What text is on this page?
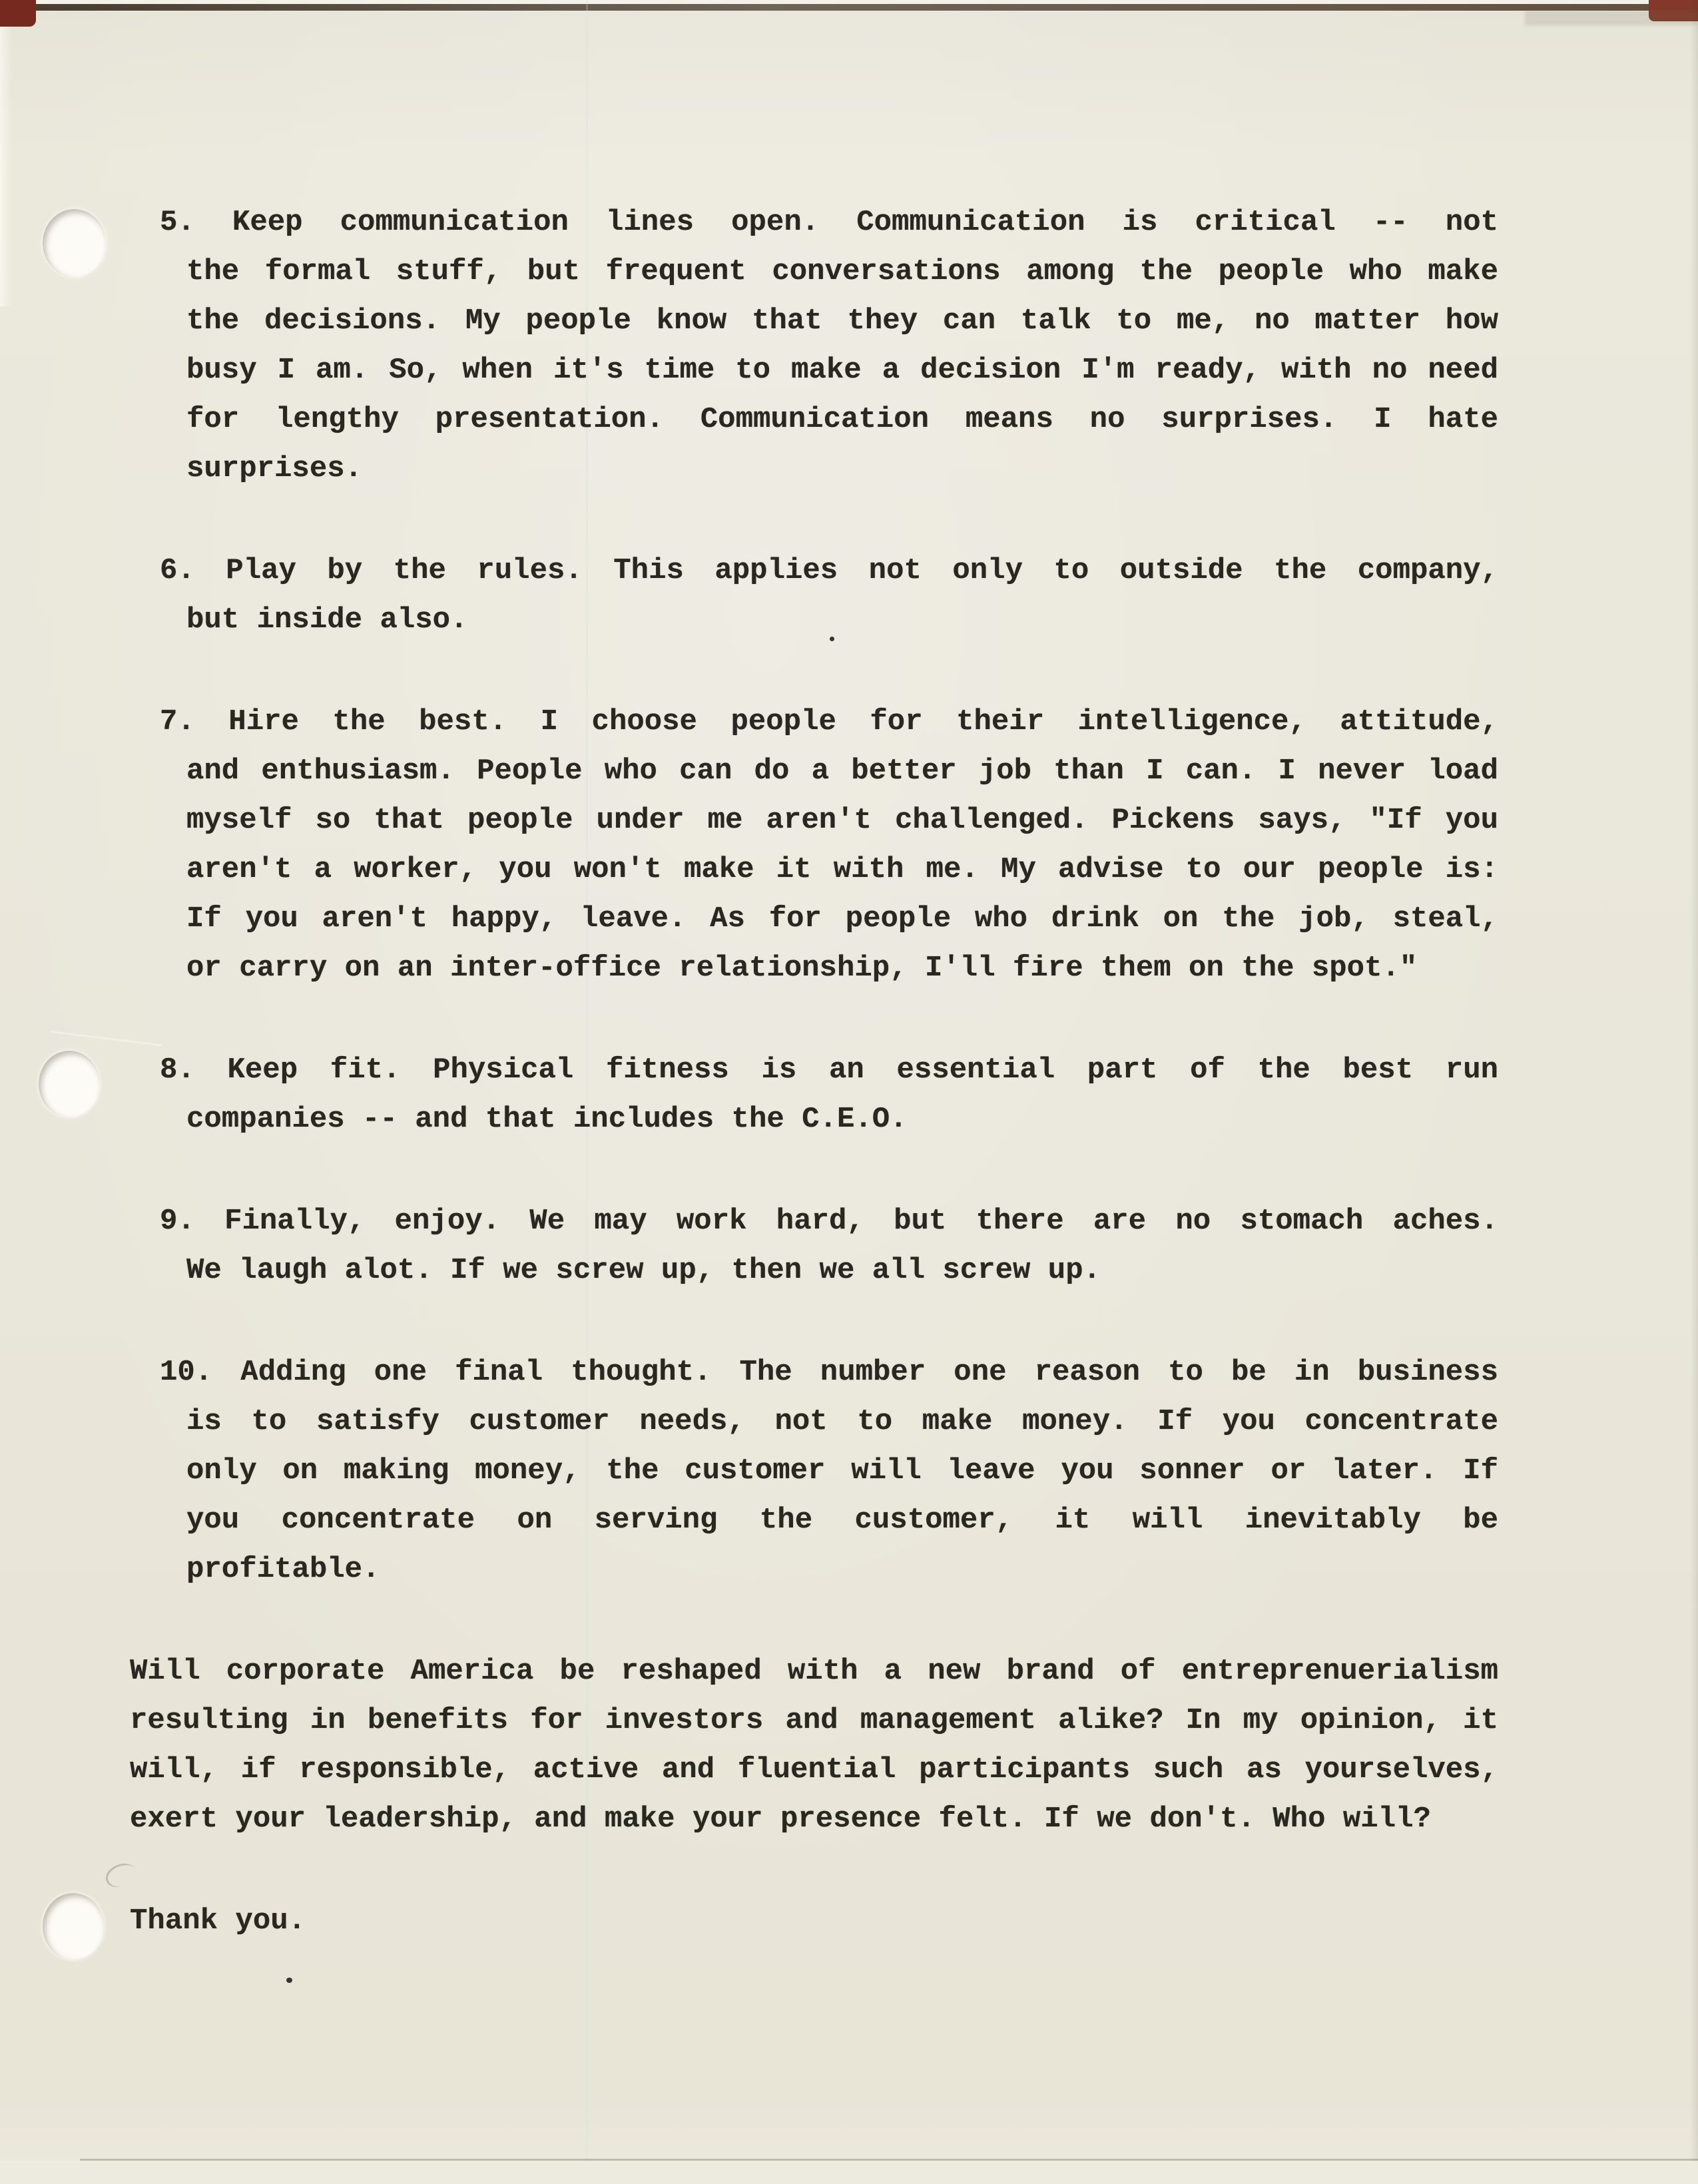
5. Keep communication lines open. Communication is critical -- not
the formal stuff, but frequent conversations among the people who make
the decisions. My people know that they can talk to me, no matter how
busy I am. So, when it's time to make a decision I'm ready, with no need
for lengthy presentation. Communication means no surprises. I hate
surprises.
6. Play by the rules. This applies not only to outside the company,
but inside also.
7. Hire the best. I choose people for their intelligence, attitude,
and enthusiasm. People who can do a better job than I can. I never load
myself so that people under me aren't challenged. Pickens says, "If you
aren't a worker, you won't make it with me. My advise to our people is:
If you aren't happy, leave. As for people who drink on the job, steal,
or carry on an inter-office relationship, I'll fire them on the spot."
8. Keep fit. Physical fitness is an essential part of the best run
companies -- and that includes the C.E.O.
9. Finally, enjoy. We may work hard, but there are no stomach aches.
We laugh alot. If we screw up, then we all screw up.
10. Adding one final thought. The number one reason to be in business
is to satisfy customer needs, not to make money. If you concentrate
only on making money, the customer will leave you sonner or later. If
you concentrate on serving the customer, it will inevitably be
profitable.
Will corporate America be reshaped with a new brand of entreprenuerialism
resulting in benefits for investors and management alike? In my opinion, it
will, if responsible, active and fluential participants such as yourselves,
exert your leadership, and make your presence felt. If we don't. Who will?
Thank you.
